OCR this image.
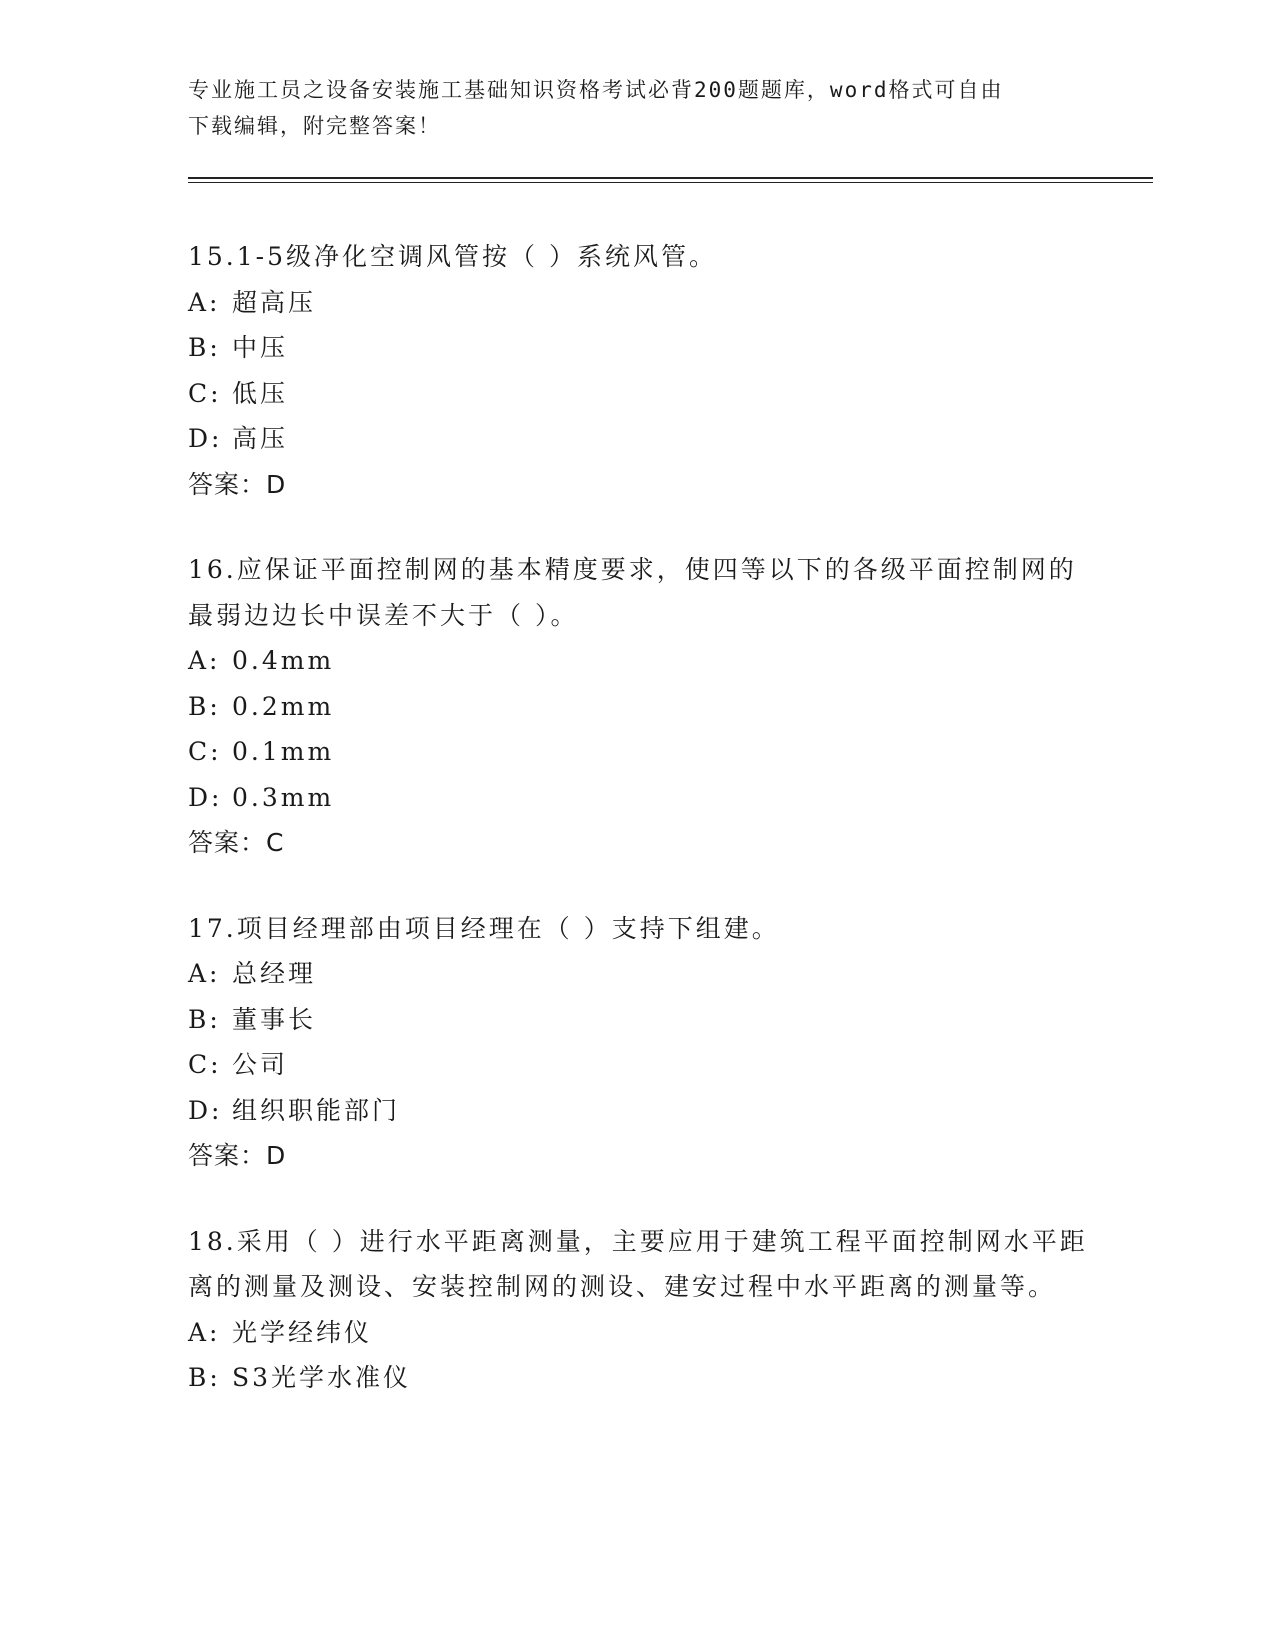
专业施工员之设备安装施工基础知识资格考试必背200题题库，word格式可自由
下载编辑，附完整答案！

15.1-5级净化空调风管按（ ）系统风管。

A: 超高压

B: 中压

C: 低压

D: 高压

答案：D

16.应保证平面控制网的基本精度要求，使四等以下的各级平面控制网的最弱边边长中误差不大于（ ）。

A: 0.4mm

B: 0.2mm

C: 0.1mm

D: 0.3mm

答案：C

17.项目经理部由项目经理在（ ）支持下组建。

A: 总经理

B: 董事长

C: 公司

D: 组织职能部门

答案：D

18.采用（ ）进行水平距离测量，主要应用于建筑工程平面控制网水平距离的测量及测设、安装控制网的测设、建安过程中水平距离的测量等。

A: 光学经纬仪

B: S3光学水准仪
